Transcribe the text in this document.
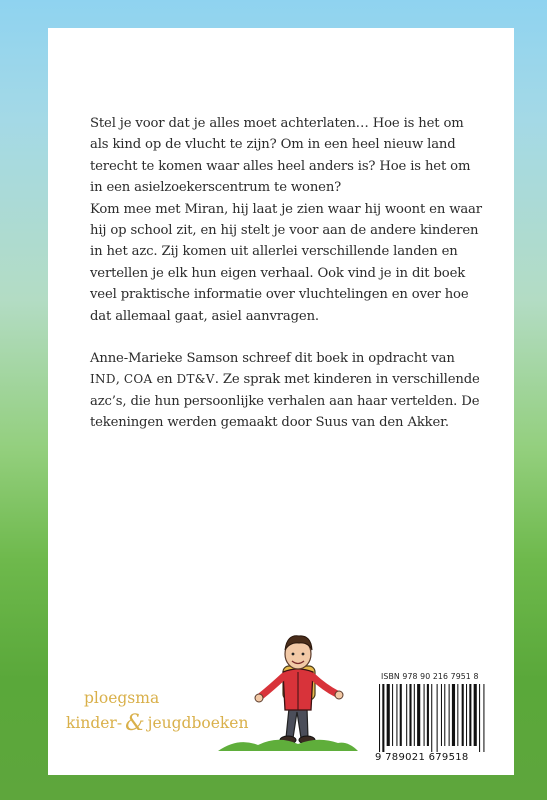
Stel je voor dat je alles moet achterlaten… Hoe is het om als kind op de vlucht te zijn? Om in een heel nieuw land terecht te komen waar alles heel anders is? Hoe is het om in een asielzoekerscentrum te wonen?

Kom mee met Miran, hij laat je zien waar hij woont en waar hij op school zit, en hij stelt je voor aan de andere kinderen in het azc. Zij komen uit allerlei verschillende landen en vertellen je elk hun eigen verhaal. Ook vind je in dit boek veel praktische informatie over vluchtelingen en over hoe dat allemaal gaat, asiel aanvragen.

Anne-Marieke Samson schreef dit boek in opdracht van IND, COA en DT&V. Ze sprak met kinderen in verschillende azc’s, die hun persoonlijke verhalen aan haar vertelden. De tekeningen werden gemaakt door Suus van den Akker.

ploegsma
kinder- & jeugdboeken
ISBN 978 90 216 7951 8
9 789021 679518
